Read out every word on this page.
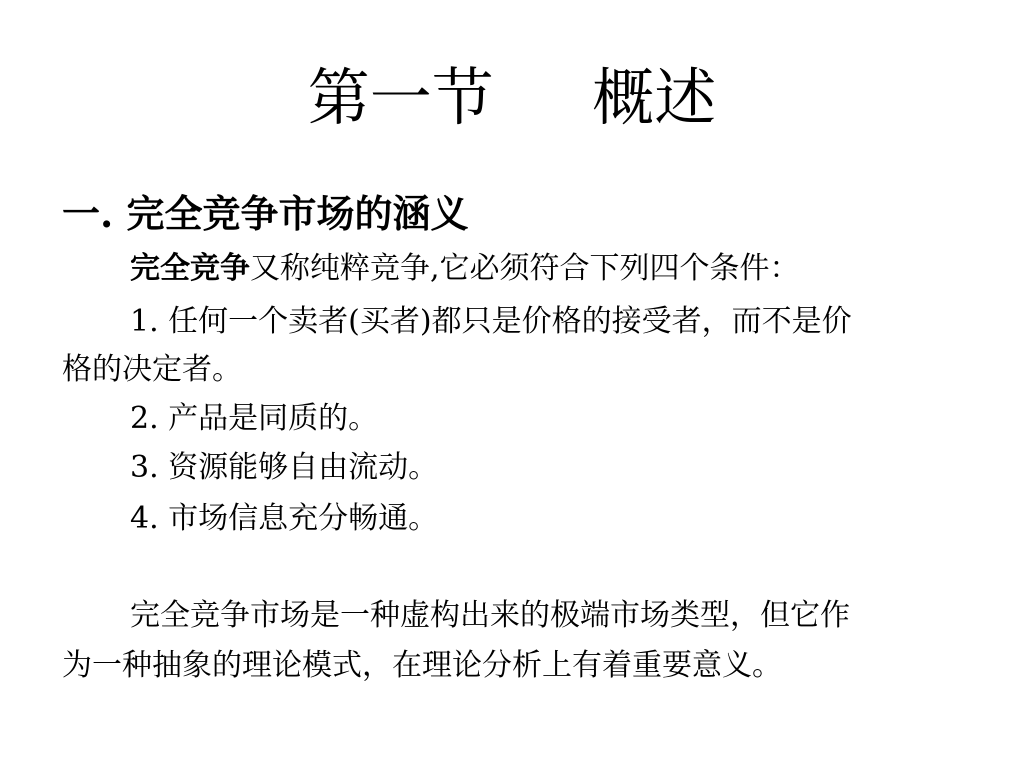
第一节     概述
一. 完全竞争市场的涵义
完全竞争又称纯粹竞争,它必须符合下列四个条件：
1. 任何一个卖者(买者)都只是价格的接受者，而不是价
格的决定者。
2. 产品是同质的。
3. 资源能够自由流动。
4. 市场信息充分畅通。
完全竞争市场是一种虚构出来的极端市场类型，但它作
为一种抽象的理论模式，在理论分析上有着重要意义。
